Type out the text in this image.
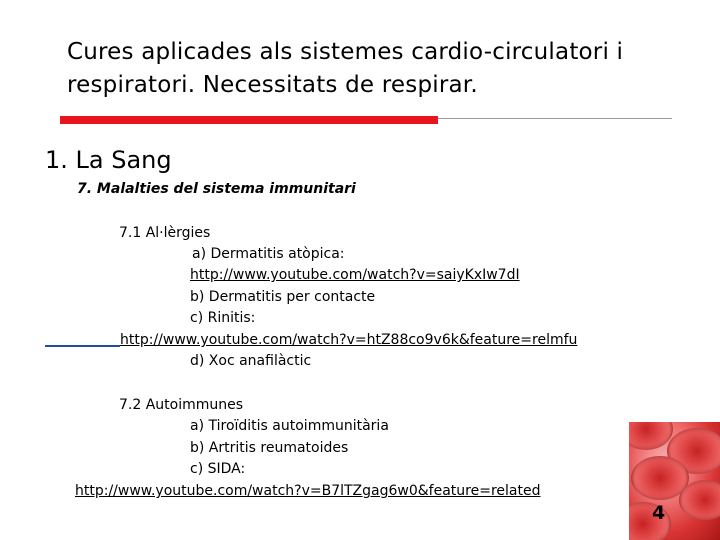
Cures aplicades als sistemes cardio-circulatori i
respiratori. Necessitats de respirar.
1. La Sang
7. Malalties del sistema immunitari
7.1 Al·lèrgies
a) Dermatitis atòpica:
http://www.youtube.com/watch?v=saiyKxIw7dI
b) Dermatitis per contacte
c) Rinitis:
http://www.youtube.com/watch?v=htZ88co9v6k&feature=relmfu
d) Xoc anafilàctic
7.2 Autoimmunes
a) Tiroïditis autoimmunitària
b) Artritis reumatoides
c) SIDA:
http://www.youtube.com/watch?v=B7lTZgag6w0&feature=related
4
